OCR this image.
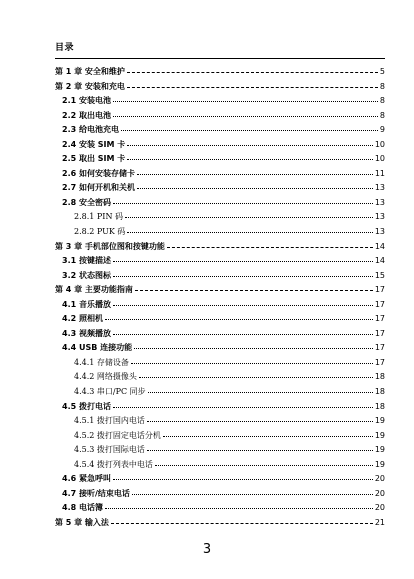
目录
第 1 章 安全和维护	5
第 2 章 安装和充电	8
2.1 安装电池	8
2.2 取出电池	8
2.3 给电池充电	9
2.4 安装 SIM 卡	10
2.5 取出 SIM 卡	10
2.6 如何安装存储卡	11
2.7 如何开机和关机	13
2.8 安全密码	13
2.8.1 PIN 码	13
2.8.2 PUK 码	13
第 3 章 手机部位图和按键功能	14
3.1 按键描述	14
3.2 状态图标	15
第 4 章 主要功能指南	17
4.1 音乐播放	17
4.2 照相机	17
4.3 视频播放	17
4.4 USB 连接功能	17
4.4.1 存储设备	17
4.4.2 网络摄像头	18
4.4.3 串口/PC 同步	18
4.5 拨打电话	18
4.5.1 拨打国内电话	19
4.5.2 拨打固定电话分机	19
4.5.3 拨打国际电话	19
4.5.4 拨打列表中电话	19
4.6 紧急呼叫	20
4.7 接听/结束电话	20
4.8 电话簿	20
第 5 章 输入法	21
3
